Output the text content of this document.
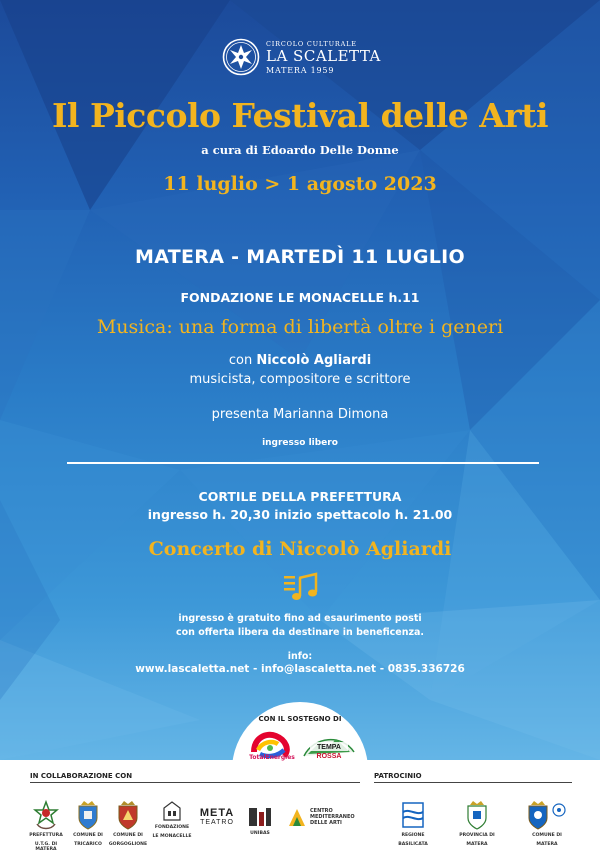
CIRCOLO CULTURALE
LA SCALETTA
MATERA 1959
Il Piccolo Festival delle Arti
a cura di Edoardo Delle Donne
11 luglio > 1 agosto 2023
MATERA - MARTEDÌ 11 LUGLIO
FONDAZIONE LE MONACELLE h.11
Musica: una forma di libertà oltre i generi
con Niccolò Agliardi
musicista, compositore e scrittore
presenta Marianna Dimona
ingresso libero
CORTILE DELLA PREFETTURA
ingresso h. 20,30 inizio spettacolo h. 21.00
Concerto di Niccolò Agliardi
ingresso è gratuito fino ad esaurimento posti
con offerta libera da destinare in beneficenza.
info:
www.lascaletta.net - info@lascaletta.net - 0835.336726
CON IL SOSTEGNO DI
TotalEnergies
TEMPA
ROSSA
IN COLLABORAZIONE CON	PATROCINIO
PREFETTURA
U.T.G. DI MATERA
COMUNE DI
TRICARICO
COMUNE DI
GORGOGLIONE
FONDAZIONE
LE MONACELLE
META
TEATRO
UNIBAS
CENTRO
MEDITERRANEO
DELLE ARTI
REGIONE
BASILICATA
PROVINCIA DI
MATERA
COMUNE DI
MATERA
